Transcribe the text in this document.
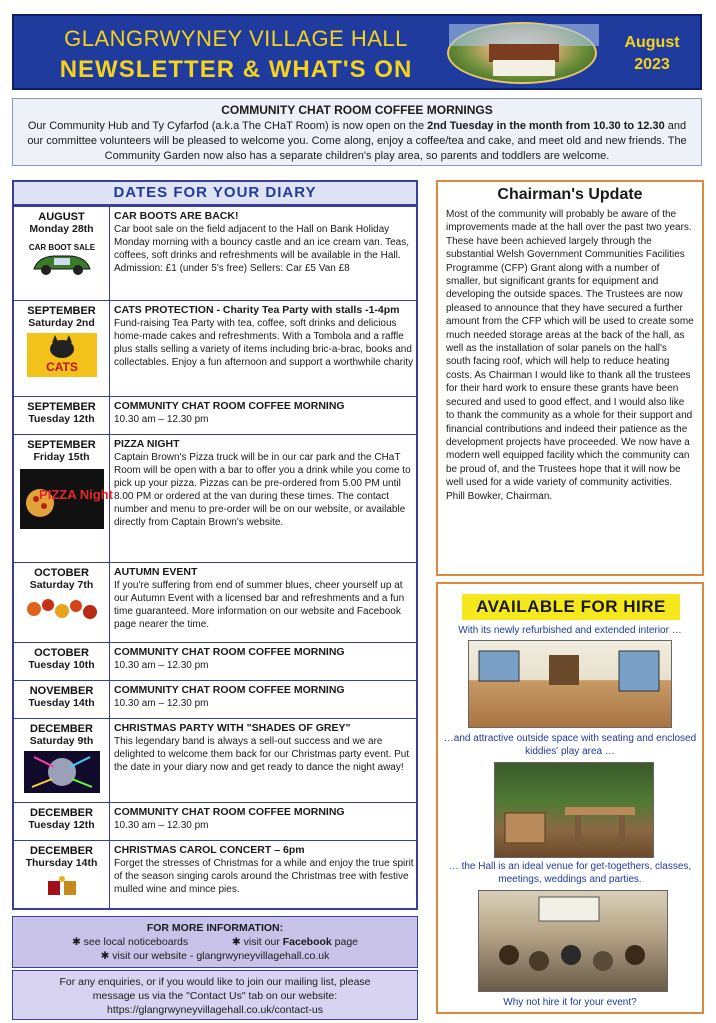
GLANGRWYNEY VILLAGE HALL
NEWSLETTER & WHAT'S ON
August
2023
COMMUNITY CHAT ROOM COFFEE MORNINGS

Our Community Hub and Ty Cyfarfod (a.k.a The CHaT Room) is now open on the 2nd Tuesday in the month from 10.30 to 12.30 and our committee volunteers will be pleased to welcome you. Come along, enjoy a coffee/tea and cake, and meet old and new friends. The Community Garden now also has a separate children's play area, so parents and toddlers are welcome.

DATES FOR YOUR DIARY
AUGUST
Monday 28th
CAR BOOT SALE
CAR BOOTS ARE BACK!
Car boot sale on the field adjacent to the Hall on Bank Holiday Monday morning with a bouncy castle and an ice cream van. Teas, coffees, soft drinks and refreshments will be available in the Hall.
Admission: £1 (under 5's free) Sellers: Car £5 Van £8
SEPTEMBER
Saturday 2nd
CATS
CATS PROTECTION - Charity Tea Party with stalls -1-4pm
Fund-raising Tea Party with tea, coffee, soft drinks and delicious home-made cakes and refreshments. With a Tombola and a raffle plus stalls selling a variety of items including bric-a-brac, books and collectables. Enjoy a fun afternoon and support a worthwhile charity
SEPTEMBER
Tuesday 12th
COMMUNITY CHAT ROOM COFFEE MORNING
10.30 am – 12.30 pm
SEPTEMBER
Friday 15th
PIZZA Night
PIZZA NIGHT
Captain Brown's Pizza truck will be in our car park and the CHaT Room will be open with a bar to offer you a drink while you come to pick up your pizza. Pizzas can be pre-ordered from 5.00 PM until 8.00 PM or ordered at the van during these times. The contact number and menu to pre-order will be on our website, or available directly from Captain Brown's website.
OCTOBER
Saturday 7th
AUTUMN EVENT
If you're suffering from end of summer blues, cheer yourself up at our Autumn Event with a licensed bar and refreshments and a fun time guaranteed. More information on our website and Facebook page nearer the time.
OCTOBER
Tuesday 10th
COMMUNITY CHAT ROOM COFFEE MORNING
10.30 am – 12.30 pm
NOVEMBER
Tuesday 14th
COMMUNITY CHAT ROOM COFFEE MORNING
10.30 am – 12.30 pm
DECEMBER
Saturday 9th
CHRISTMAS PARTY WITH "SHADES OF GREY"
This legendary band is always a sell-out success and we are delighted to welcome them back for our Christmas party event. Put the date in your diary now and get ready to dance the night away!
DECEMBER
Tuesday 12th
COMMUNITY CHAT ROOM COFFEE MORNING
10.30 am – 12.30 pm
DECEMBER
Thursday 14th
CHRISTMAS CAROL CONCERT – 6pm
Forget the stresses of Christmas for a while and enjoy the true spirit of the season singing carols around the Christmas tree with festive mulled wine and mince pies.
Chairman's Update

Most of the community will probably be aware of the improvements made at the hall over the past two years. These have been achieved largely through the substantial Welsh Government Communities Facilities Programme (CFP) Grant along with a number of smaller, but significant grants for equipment and developing the outside spaces. The Trustees are now pleased to announce that they have secured a further amount from the CFP which will be used to create some much needed storage areas at the back of the hall, as well as the installation of solar panels on the hall's south facing roof, which will help to reduce heating costs. As Chairman I would like to thank all the trustees for their hard work to ensure these grants have been secured and used to good effect, and I would also like to thank the community as a whole for their support and financial contributions and indeed their patience as the development projects have proceeded. We now have a modern well equipped facility which the community can be proud of, and the Trustees hope that it will now be well used for a wide variety of community activities.

Phill Bowker, Chairman.

AVAILABLE FOR HIRE
With its newly refurbished and extended interior …
…and attractive outside space with seating and enclosed kiddies' play area …
… the Hall is an ideal venue for get-togethers, classes, meetings, weddings and parties.
Why not hire it for your event?
FOR MORE INFORMATION:
✱ see local noticeboards	✱ visit our Facebook page
✱ visit our website - glangrwyneyvillagehall.co.uk
For any enquiries, or if you would like to join our mailing list, please
message us via the "Contact Us" tab on our website:
https://glangrwyneyvillagehall.co.uk/contact-us
